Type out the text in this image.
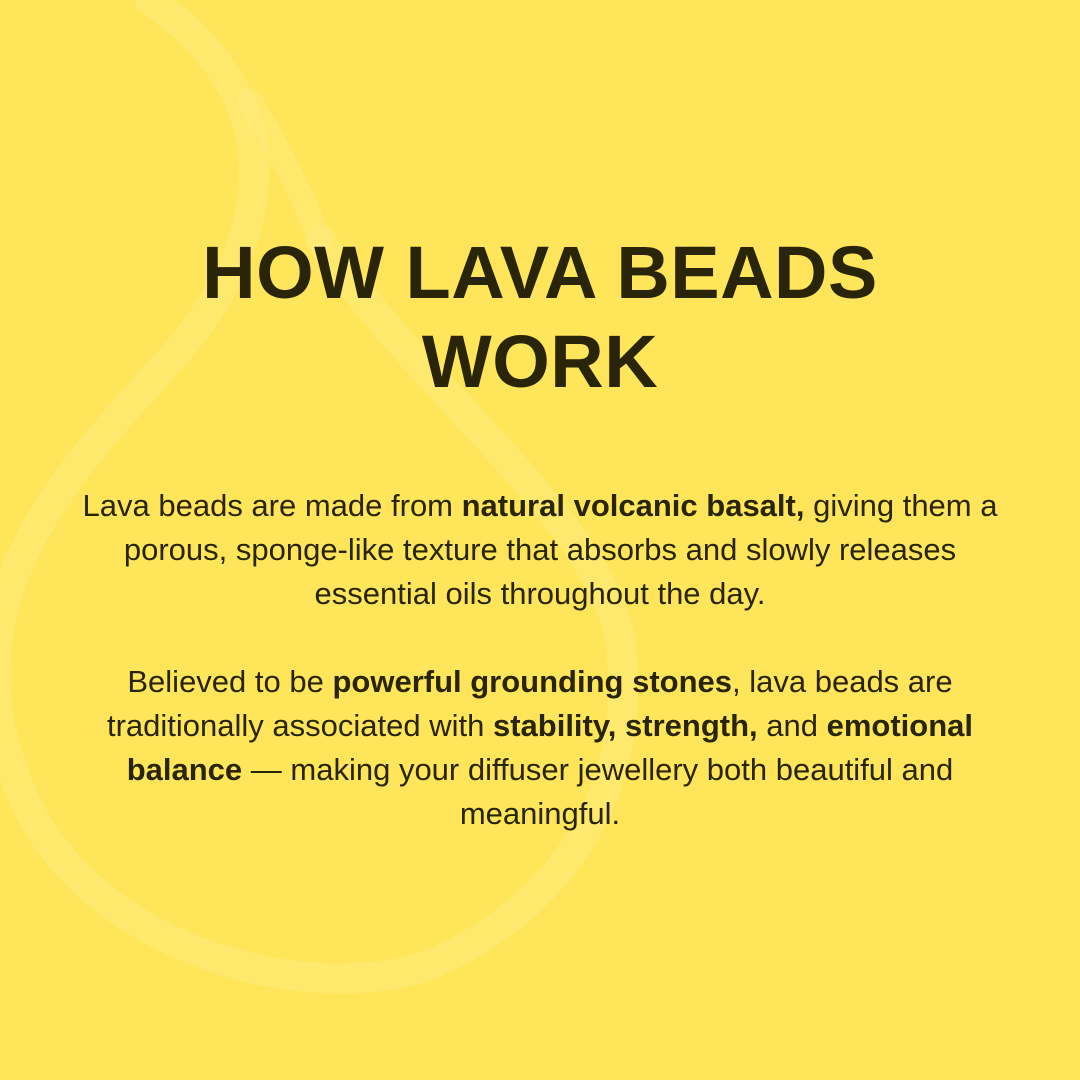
HOW LAVA BEADS
WORK

Lava beads are made from natural volcanic basalt, giving them a porous, sponge-like texture that absorbs and slowly releases essential oils throughout the day.

Believed to be powerful grounding stones, lava beads are traditionally associated with stability, strength, and emotional balance — making your diffuser jewellery both beautiful and meaningful.
